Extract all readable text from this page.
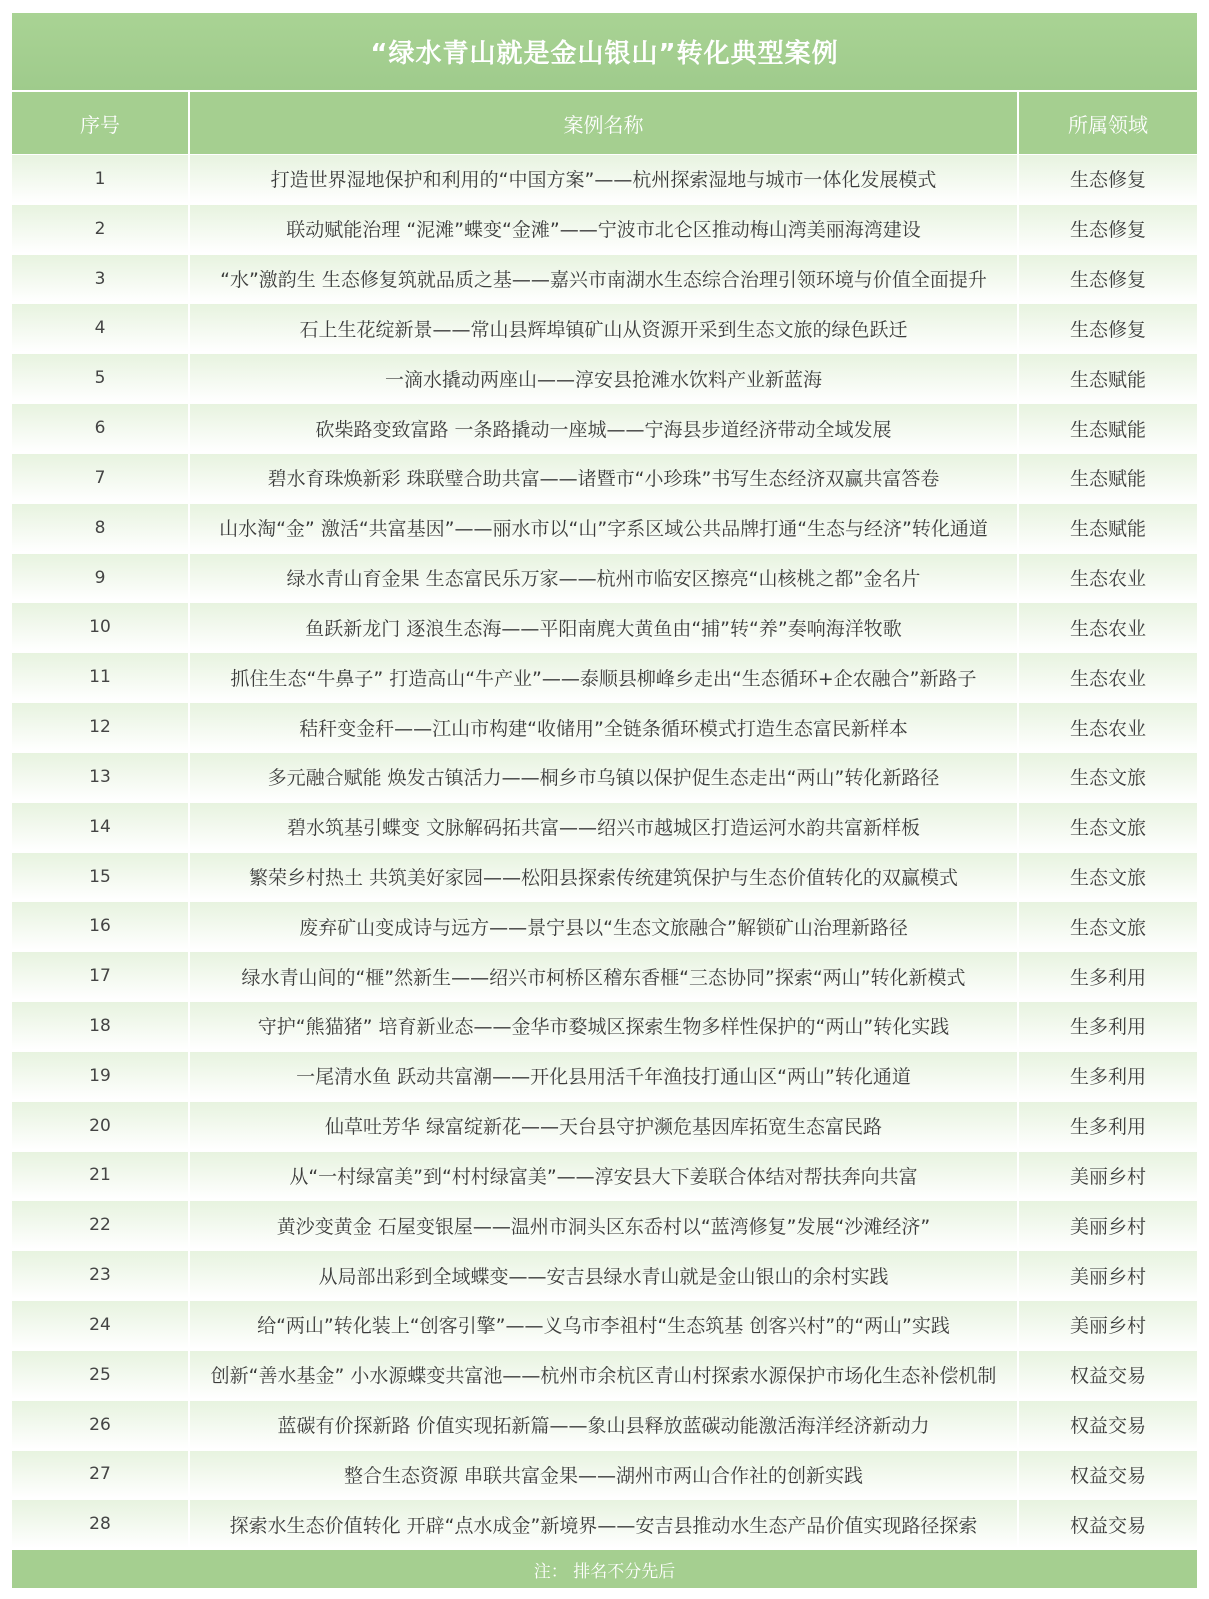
“绿水青山就是金山银山”转化典型案例
序号	案例名称	所属领域
1	打造世界湿地保护和利用的“中国方案”——杭州探索湿地与城市一体化发展模式	生态修复
2	联动赋能治理 “泥滩”蝶变“金滩”——宁波市北仑区推动梅山湾美丽海湾建设	生态修复
3	“水”激韵生 生态修复筑就品质之基——嘉兴市南湖水生态综合治理引领环境与价值全面提升	生态修复
4	石上生花绽新景——常山县辉埠镇矿山从资源开采到生态文旅的绿色跃迁	生态修复
5	一滴水撬动两座山——淳安县抢滩水饮料产业新蓝海	生态赋能
6	砍柴路变致富路 一条路撬动一座城——宁海县步道经济带动全域发展	生态赋能
7	碧水育珠焕新彩 珠联璧合助共富——诸暨市“小珍珠”书写生态经济双赢共富答卷	生态赋能
8	山水淘“金” 激活“共富基因”——丽水市以“山”字系区域公共品牌打通“生态与经济”转化通道	生态赋能
9	绿水青山育金果 生态富民乐万家——杭州市临安区擦亮“山核桃之都”金名片	生态农业
10	鱼跃新龙门 逐浪生态海——平阳南麂大黄鱼由“捕”转“养”奏响海洋牧歌	生态农业
11	抓住生态“牛鼻子” 打造高山“牛产业”——泰顺县柳峰乡走出“生态循环+企农融合”新路子	生态农业
12	秸秆变金秆——江山市构建“收储用”全链条循环模式打造生态富民新样本	生态农业
13	多元融合赋能 焕发古镇活力——桐乡市乌镇以保护促生态走出“两山”转化新路径	生态文旅
14	碧水筑基引蝶变 文脉解码拓共富——绍兴市越城区打造运河水韵共富新样板	生态文旅
15	繁荣乡村热土 共筑美好家园——松阳县探索传统建筑保护与生态价值转化的双赢模式	生态文旅
16	废弃矿山变成诗与远方——景宁县以“生态文旅融合”解锁矿山治理新路径	生态文旅
17	绿水青山间的“榧”然新生——绍兴市柯桥区稽东香榧“三态协同”探索“两山”转化新模式	生多利用
18	守护“熊猫猪” 培育新业态——金华市婺城区探索生物多样性保护的“两山”转化实践	生多利用
19	一尾清水鱼 跃动共富潮——开化县用活千年渔技打通山区“两山”转化通道	生多利用
20	仙草吐芳华 绿富绽新花——天台县守护濒危基因库拓宽生态富民路	生多利用
21	从“一村绿富美”到“村村绿富美”——淳安县大下姜联合体结对帮扶奔向共富	美丽乡村
22	黄沙变黄金 石屋变银屋——温州市洞头区东岙村以“蓝湾修复”发展“沙滩经济”	美丽乡村
23	从局部出彩到全域蝶变——安吉县绿水青山就是金山银山的余村实践	美丽乡村
24	给“两山”转化装上“创客引擎”——义乌市李祖村“生态筑基 创客兴村”的“两山”实践	美丽乡村
25	创新“善水基金” 小水源蝶变共富池——杭州市余杭区青山村探索水源保护市场化生态补偿机制	权益交易
26	蓝碳有价探新路 价值实现拓新篇——象山县释放蓝碳动能激活海洋经济新动力	权益交易
27	整合生态资源 串联共富金果——湖州市两山合作社的创新实践	权益交易
28	探索水生态价值转化 开辟“点水成金”新境界——安吉县推动水生态产品价值实现路径探索	权益交易
注： 排名不分先后
